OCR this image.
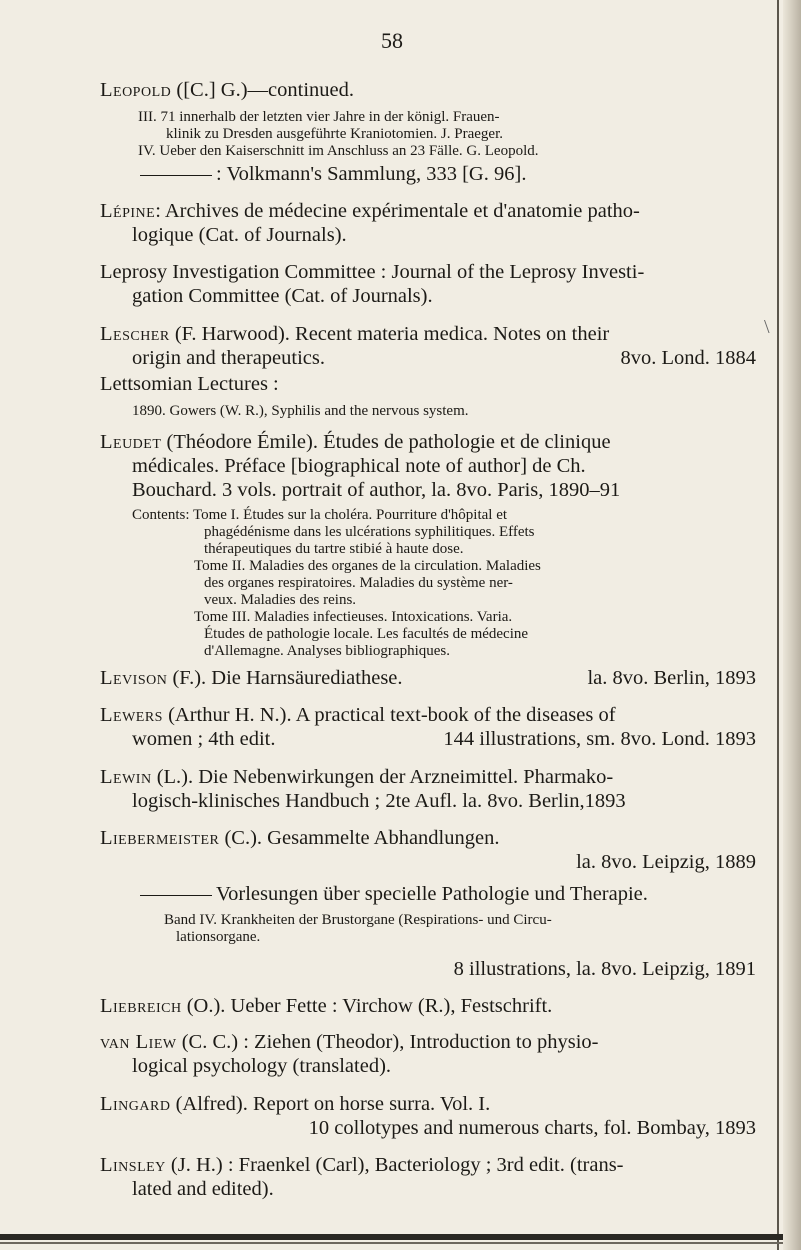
\
58
Leopold ([C.] G.)—continued.
III. 71 innerhalb der letzten vier Jahre in der königl. Frauen-
klinik zu Dresden ausgeführte Kraniotomien. J. Praeger.
IV. Ueber den Kaiserschnitt im Anschluss an 23 Fälle. G. Leopold.
: Volkmann's Sammlung, 333 [G. 96].
Lépine: Archives de médecine expérimentale et d'anatomie patho-
logique (Cat. of Journals).
Leprosy Investigation Committee : Journal of the Leprosy Investi-
gation Committee (Cat. of Journals).
Lescher (F. Harwood). Recent materia medica. Notes on their
origin and therapeutics.	8vo. Lond. 1884
Lettsomian Lectures :
1890. Gowers (W. R.), Syphilis and the nervous system.
Leudet (Théodore Émile). Études de pathologie et de clinique
médicales. Préface [biographical note of author] de Ch.
Bouchard. 3 vols. portrait of author, la. 8vo. Paris, 1890–91
Contents: Tome I. Études sur la choléra. Pourriture d'hôpital et
phagédénisme dans les ulcérations syphilitiques. Effets
thérapeutiques du tartre stibié à haute dose.
Tome II. Maladies des organes de la circulation. Maladies
des organes respiratoires. Maladies du système ner-
veux. Maladies des reins.
Tome III. Maladies infectieuses. Intoxications. Varia.
Études de pathologie locale. Les facultés de médecine
d'Allemagne. Analyses bibliographiques.
Levison (F.). Die Harnsäurediathese.	la. 8vo. Berlin, 1893
Lewers (Arthur H. N.). A practical text-book of the diseases of
women ; 4th edit.	144 illustrations, sm. 8vo. Lond. 1893
Lewin (L.). Die Nebenwirkungen der Arzneimittel. Pharmako-
logisch-klinisches Handbuch ; 2te Aufl. la. 8vo. Berlin,1893
Liebermeister (C.). Gesammelte Abhandlungen.
la. 8vo. Leipzig, 1889
Vorlesungen über specielle Pathologie und Therapie.
Band IV. Krankheiten der Brustorgane (Respirations- und Circu-
lationsorgane.
8 illustrations, la. 8vo. Leipzig, 1891
Liebreich (O.). Ueber Fette : Virchow (R.), Festschrift.
van Liew (C. C.) : Ziehen (Theodor), Introduction to physio-
logical psychology (translated).
Lingard (Alfred). Report on horse surra. Vol. I.
10 collotypes and numerous charts, fol. Bombay, 1893
Linsley (J. H.) : Fraenkel (Carl), Bacteriology ; 3rd edit. (trans-
lated and edited).
